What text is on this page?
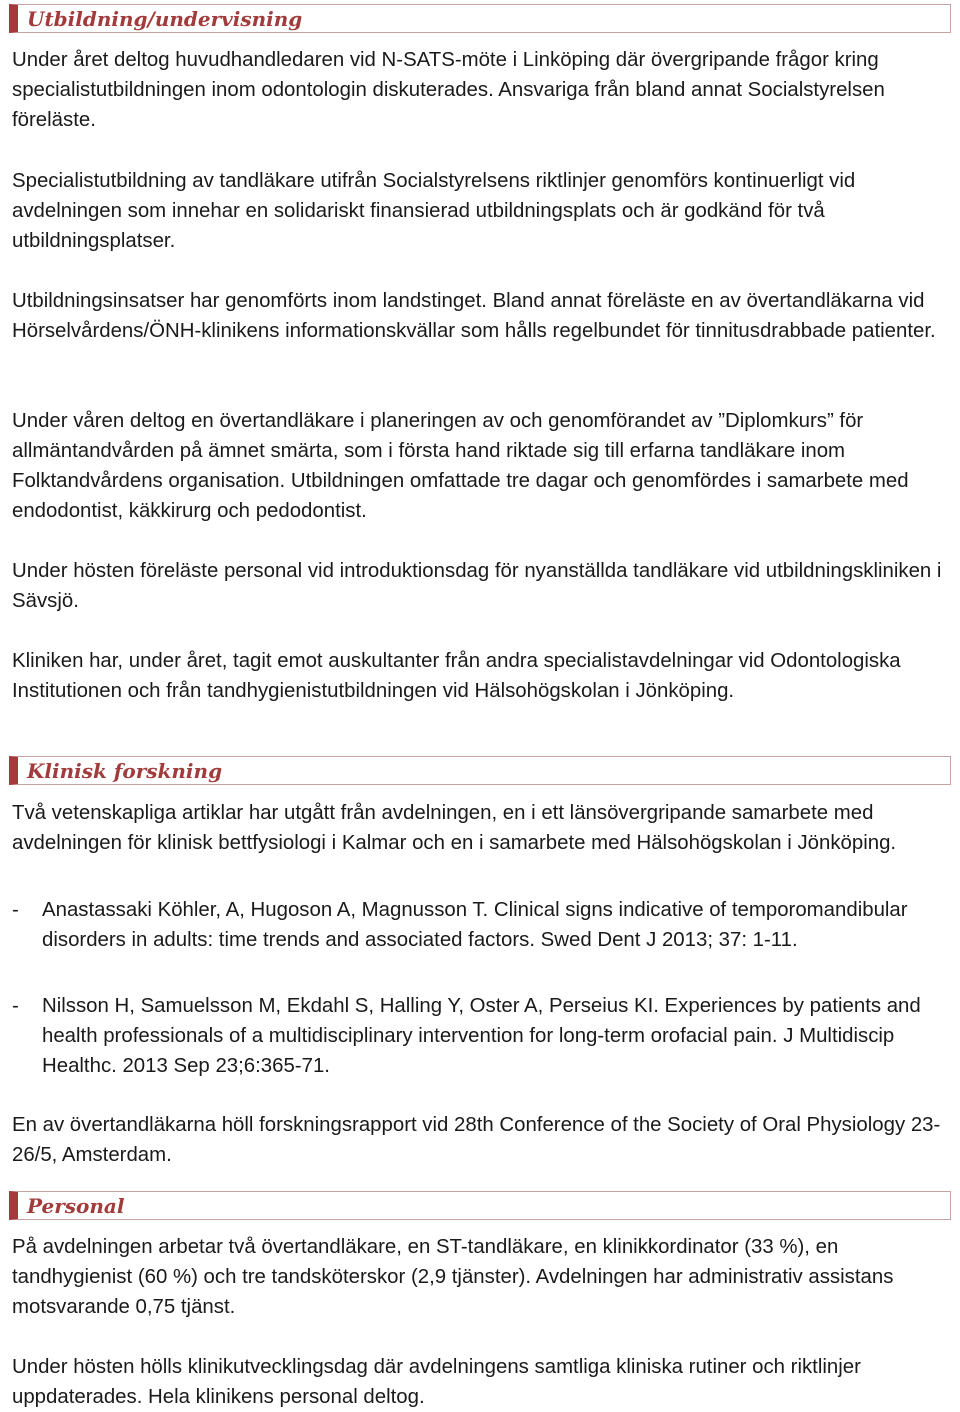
Utbildning/undervisning

Under året deltog huvudhandledaren vid N-SATS-möte i Linköping där övergripande frågor kring specialistutbildningen inom odontologin diskuterades. Ansvariga från bland annat Socialstyrelsen föreläste.

Specialistutbildning av tandläkare utifrån Socialstyrelsens riktlinjer genomförs kontinuerligt vid avdelningen som innehar en solidariskt finansierad utbildningsplats och är godkänd för två utbildningsplatser.

Utbildningsinsatser har genomförts inom landstinget. Bland annat föreläste en av övertandläkarna vid Hörselvårdens/ÖNH-klinikens informationskvällar som hålls regelbundet för tinnitusdrabbade patienter.

Under våren deltog en övertandläkare i planeringen av och genomförandet av ”Diplomkurs” för allmäntandvården på ämnet smärta, som i första hand riktade sig till erfarna tandläkare inom Folktandvårdens organisation. Utbildningen omfattade tre dagar och genomfördes i samarbete med endodontist, käkkirurg och pedodontist.

Under hösten föreläste personal vid introduktionsdag för nyanställda tandläkare vid utbildningskliniken i Sävsjö.

Kliniken har, under året, tagit emot auskultanter från andra specialistavdelningar vid Odontologiska Institutionen och från tandhygienistutbildningen vid Hälsohögskolan i Jönköping.

Klinisk forskning

Två vetenskapliga artiklar har utgått från avdelningen, en i ett länsövergripande samarbete med avdelningen för klinisk bettfysiologi i Kalmar och en i samarbete med Hälsohögskolan i Jönköping.

- Anastassaki Köhler, A, Hugoson A, Magnusson T. Clinical signs indicative of temporomandibular disorders in adults: time trends and associated factors. Swed Dent J 2013; 37: 1-11.

- Nilsson H, Samuelsson M, Ekdahl S, Halling Y, Oster A, Perseius KI. Experiences by patients and health professionals of a multidisciplinary intervention for long-term orofacial pain. J Multidiscip Healthc. 2013 Sep 23;6:365-71.

En av övertandläkarna höll forskningsrapport vid 28th Conference of the Society of Oral Physiology 23-26/5, Amsterdam.

Personal

På avdelningen arbetar två övertandläkare, en ST-tandläkare, en klinikkordinator (33 %), en tandhygienist (60 %) och tre tandsköterskor (2,9 tjänster). Avdelningen har administrativ assistans motsvarande 0,75 tjänst.

Under hösten hölls klinikutvecklingsdag där avdelningens samtliga kliniska rutiner och riktlinjer uppdaterades. Hela klinikens personal deltog.
